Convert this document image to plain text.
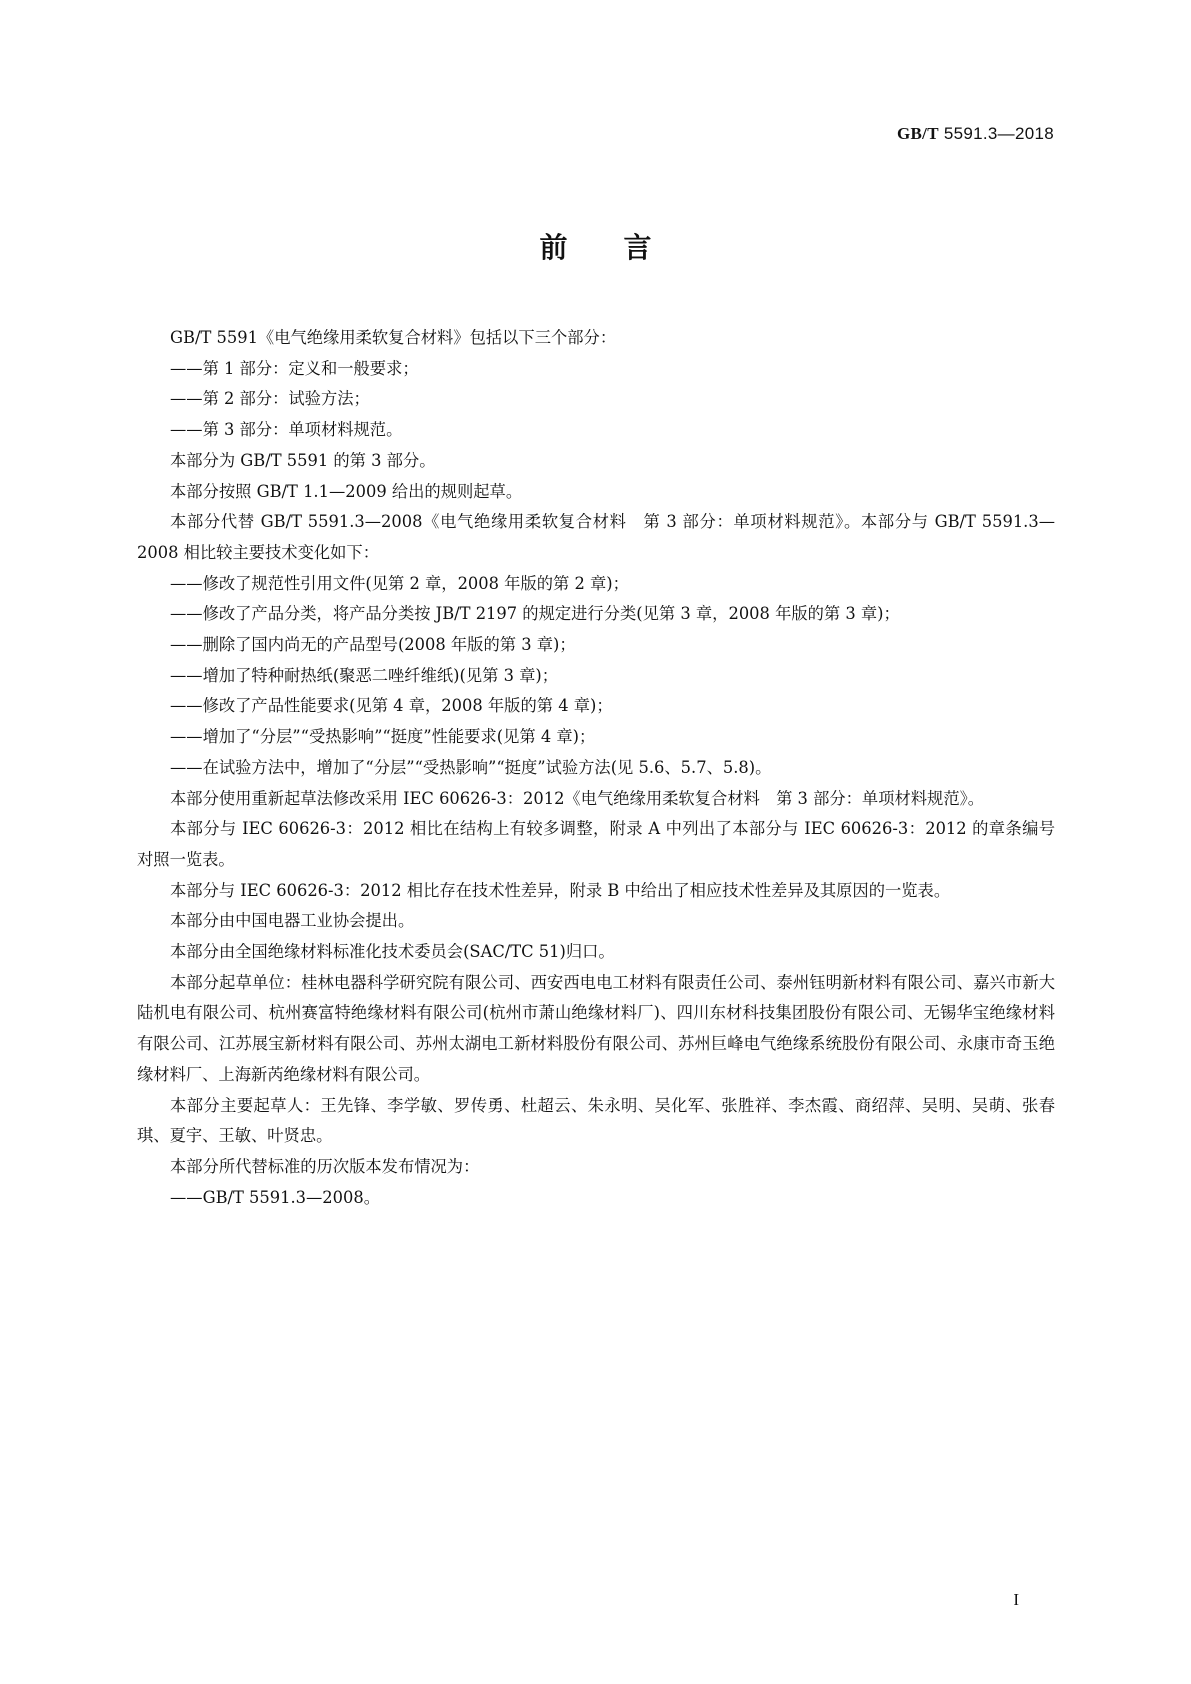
GB/T 5591.3—2018
前言

GB/T 5591《电气绝缘用柔软复合材料》包括以下三个部分：

——第 1 部分：定义和一般要求；

——第 2 部分：试验方法；

——第 3 部分：单项材料规范。

本部分为 GB/T 5591 的第 3 部分。

本部分按照 GB/T 1.1—2009 给出的规则起草。

本部分代替 GB/T 5591.3—2008《电气绝缘用柔软复合材料　第 3 部分：单项材料规范》。本部分与 GB/T 5591.3—2008 相比较主要技术变化如下：

——修改了规范性引用文件(见第 2 章，2008 年版的第 2 章)；

——修改了产品分类，将产品分类按 JB/T 2197 的规定进行分类(见第 3 章，2008 年版的第 3 章)；

——删除了国内尚无的产品型号(2008 年版的第 3 章)；

——增加了特种耐热纸(聚恶二唑纤维纸)(见第 3 章)；

——修改了产品性能要求(见第 4 章，2008 年版的第 4 章)；

——增加了“分层”“受热影响”“挺度”性能要求(见第 4 章)；

——在试验方法中，增加了“分层”“受热影响”“挺度”试验方法(见 5.6、5.7、5.8)。

本部分使用重新起草法修改采用 IEC 60626-3：2012《电气绝缘用柔软复合材料　第 3 部分：单项材料规范》。

本部分与 IEC 60626-3：2012 相比在结构上有较多调整，附录 A 中列出了本部分与 IEC 60626-3：2012 的章条编号对照一览表。

本部分与 IEC 60626-3：2012 相比存在技术性差异，附录 B 中给出了相应技术性差异及其原因的一览表。

本部分由中国电器工业协会提出。

本部分由全国绝缘材料标准化技术委员会(SAC/TC 51)归口。

本部分起草单位：桂林电器科学研究院有限公司、西安西电电工材料有限责任公司、泰州钰明新材料有限公司、嘉兴市新大陆机电有限公司、杭州赛富特绝缘材料有限公司(杭州市萧山绝缘材料厂)、四川东材科技集团股份有限公司、无锡华宝绝缘材料有限公司、江苏展宝新材料有限公司、苏州太湖电工新材料股份有限公司、苏州巨峰电气绝缘系统股份有限公司、永康市奇玉绝缘材料厂、上海新芮绝缘材料有限公司。

本部分主要起草人：王先锋、李学敏、罗传勇、杜超云、朱永明、吴化军、张胜祥、李杰霞、商绍萍、吴明、吴萌、张春琪、夏宇、王敏、叶贤忠。

本部分所代替标准的历次版本发布情况为：

——GB/T 5591.3—2008。

I
